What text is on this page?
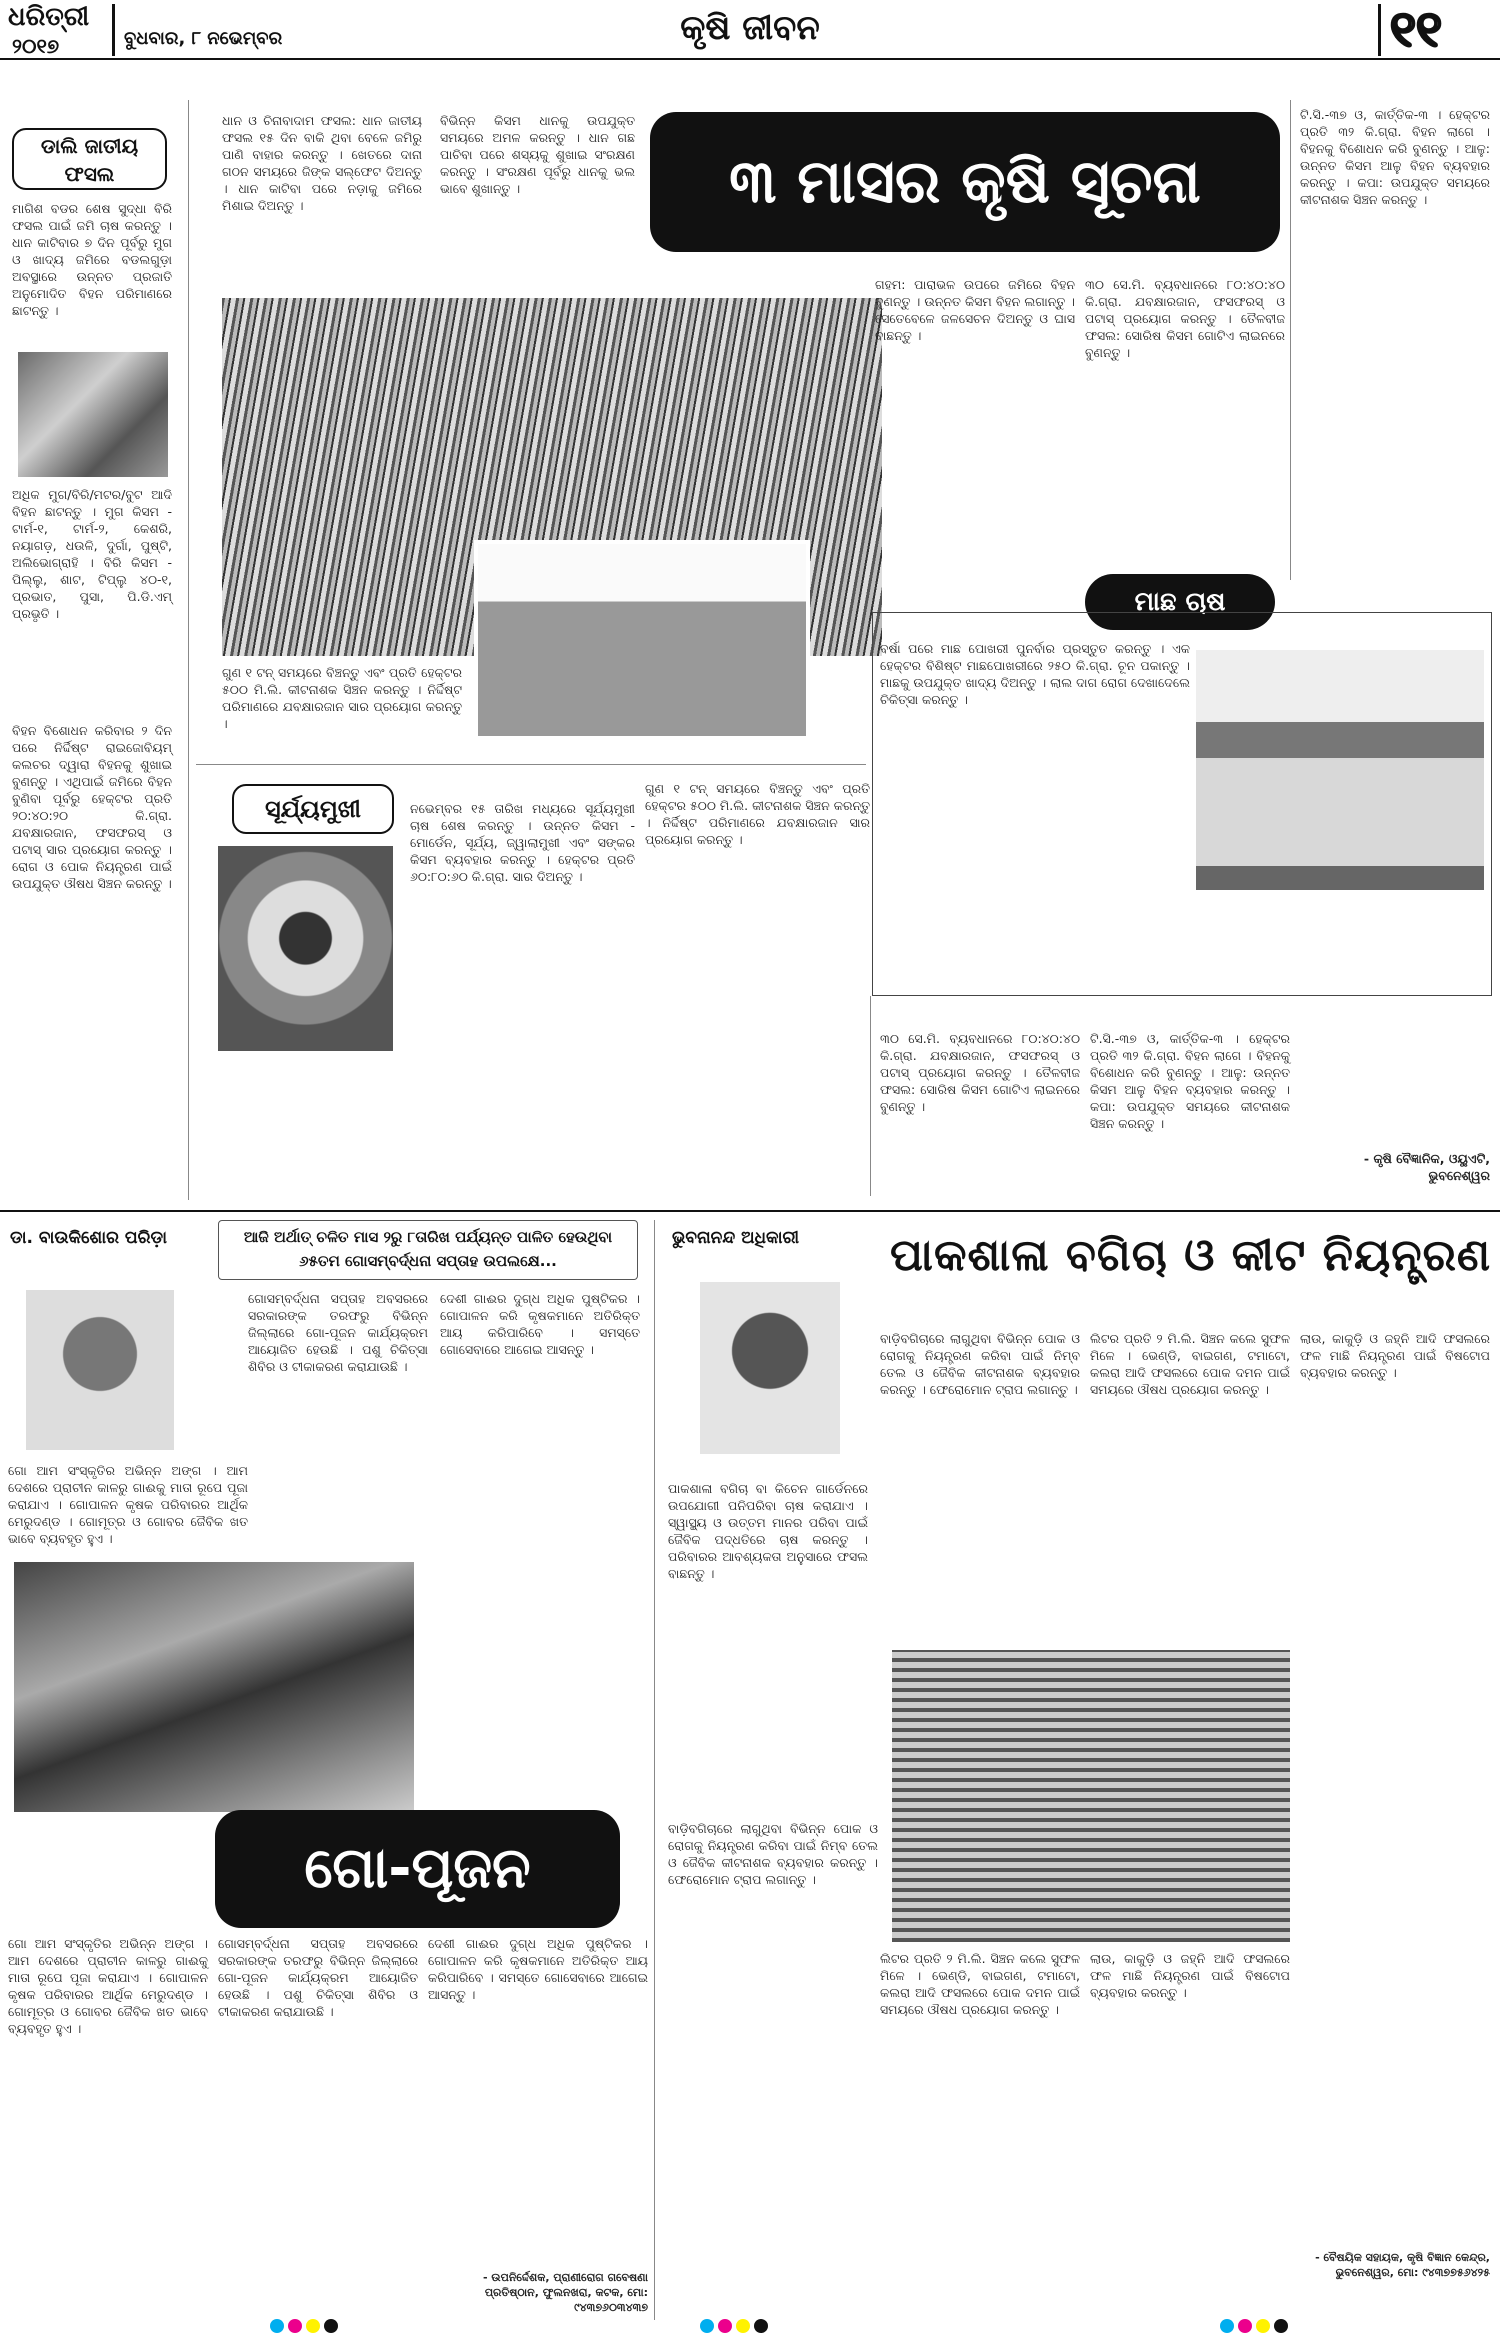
ଧରିତ୍ରୀ
୨୦୧୭	ବୁଧବାର, ୮ ନଭେମ୍ବର	କୃଷି ଜୀବନ	୧୧
ଡାଲି ଜାତୀୟ ଫସଲ
ମାଗିଶ ବଡର ଶେଷ ସୁଦ୍ଧା ବିରି ଫସଲ ପାଇଁ ଜମି ଚାଷ କରନ୍ତୁ । ଧାନ କାଟିବାର ୭ ଦିନ ପୂର୍ବରୁ ମୁଗ ଓ ଖାଦ୍ୟ ଜମିରେ ବଡଲଗୁଡ଼ା ଅବସ୍ଥାରେ ଉନ୍ନତ ପ୍ରଜାତି ଅନୁମୋଦିତ ବିହନ ପରିମାଣରେ ଛାଟନ୍ତୁ ।
ଅଧିକ ମୁଗ/ବିରି/ମଟର/ବୁଟ ଆଦି ବିହନ ଛାଟନ୍ତୁ । ମୁଗ କିସମ - ଟାର୍ମ-୧, ଟାର୍ମ-୨, କେଶରି, ନୟାଗଡ଼, ଧଉଳି, ଦୁର୍ଗା, ପୁଷ୍ଟି, ଅଲିଭୋଗ୍ରାହି । ବିରି କିସମ - ପିଲ୍ଲୁ, ଶାଟ, ଟିପ୍ଲୁ ୪୦-୧, ପ୍ରଭାତ, ପୁସା, ପି.ଡି.ଏମ୍ ପ୍ରଭୃତି ।
ବିହନ ବିଶୋଧନ କରିବାର ୨ ଦିନ ପରେ ନିର୍ଦ୍ଦିଷ୍ଟ ରାଇଜୋବିୟମ୍ କଲଚର ଦ୍ୱାରା ବିହନକୁ ଶୁଖାଇ ବୁଣନ୍ତୁ । ଏଥିପାଇଁ ଜମିରେ ବିହନ ବୁଣିବା ପୂର୍ବରୁ ହେକ୍ଟର ପ୍ରତି ୨୦:୪୦:୨୦ କି.ଗ୍ରା. ଯବକ୍ଷାରଜାନ, ଫସଫରସ୍ ଓ ପଟାସ୍ ସାର ପ୍ରୟୋଗ କରନ୍ତୁ । ରୋଗ ଓ ପୋକ ନିୟନ୍ତ୍ରଣ ପାଇଁ ଉପଯୁକ୍ତ ଔଷଧ ସିଞ୍ଚନ କରନ୍ତୁ ।
ଧାନ ଓ ଚିନାବାଦାମ ଫସଲ: ଧାନ ଜାତୀୟ ଫସଲ ୧୫ ଦିନ ବାକି ଥିବା ବେଳେ ଜମିରୁ ପାଣି ବାହାର କରନ୍ତୁ । ଖେତରେ ଦାନା ଗଠନ ସମୟରେ ଜିଙ୍କ ସଲ୍ଫେଟ ଦିଅନ୍ତୁ । ଧାନ କାଟିବା ପରେ ନଡ଼ାକୁ ଜମିରେ ମିଶାଇ ଦିଅନ୍ତୁ ।
ବିଭିନ୍ନ କିସମ ଧାନକୁ ଉପଯୁକ୍ତ ସମୟରେ ଅମଳ କରନ୍ତୁ । ଧାନ ଗଛ ପାଚିବା ପରେ ଶସ୍ୟକୁ ଶୁଖାଇ ସଂରକ୍ଷଣ କରନ୍ତୁ । ସଂରକ୍ଷଣ ପୂର୍ବରୁ ଧାନକୁ ଭଲ ଭାବେ ଶୁଖାନ୍ତୁ ।	୩ ମାସର କୃଷି ସୂଚନା
ଗୁଣ ୧ ଟନ୍ ସମୟରେ ବିଞ୍ଚନ୍ତୁ ଏବଂ ପ୍ରତି ହେକ୍ଟର ୫୦୦ ମି.ଲି. କୀଟନାଶକ ସିଞ୍ଚନ କରନ୍ତୁ । ନିର୍ଦ୍ଦିଷ୍ଟ ପରିମାଣରେ ଯବକ୍ଷାରଜାନ ସାର ପ୍ରୟୋଗ କରନ୍ତୁ ।
ଗହମ: ପାରାଭଳ ଉପରେ ଜମିରେ ବିହନ ବୁଣନ୍ତୁ । ଉନ୍ନତ କିସମ ବିହନ ଲଗାନ୍ତୁ । ସେତେବେଳେ ଜଳସେଚନ ଦିଅନ୍ତୁ ଓ ଘାସ ବାଛନ୍ତୁ ।
୩୦ ସେ.ମି. ବ୍ୟବଧାନରେ ୮୦:୪୦:୪୦ କି.ଗ୍ରା. ଯବକ୍ଷାରଜାନ, ଫସଫରସ୍ ଓ ପଟାସ୍ ପ୍ରୟୋଗ କରନ୍ତୁ । ତୈଳବୀଜ ଫସଲ: ସୋରିଷ କିସମ ଗୋଟିଏ ଲାଇନରେ ବୁଣନ୍ତୁ ।
ଟି.ସି.-୩୭ ଓ, କାର୍ତ୍ତିକ-୩ । ହେକ୍ଟର ପ୍ରତି ୩୨ କି.ଗ୍ରା. ବିହନ ଲାଗେ । ବିହନକୁ ବିଶୋଧନ କରି ବୁଣନ୍ତୁ । ଆଳୁ: ଉନ୍ନତ କିସମ ଆଳୁ ବିହନ ବ୍ୟବହାର କରନ୍ତୁ । କପା: ଉପଯୁକ୍ତ ସମୟରେ କୀଟନାଶକ ସିଞ୍ଚନ କରନ୍ତୁ ।
ମାଛ ଚାଷ
ବର୍ଷା ପରେ ମାଛ ପୋଖରୀ ପୁନର୍ବାର ପ୍ରସ୍ତୁତ କରନ୍ତୁ । ଏକ ହେକ୍ଟର ବିଶିଷ୍ଟ ମାଛପୋଖରୀରେ ୨୫୦ କି.ଗ୍ରା. ଚୂନ ପକାନ୍ତୁ । ମାଛକୁ ଉପଯୁକ୍ତ ଖାଦ୍ୟ ଦିଅନ୍ତୁ । ଲାଲ ଦାଗ ରୋଗ ଦେଖାଦେଲେ ଚିକିତ୍ସା କରନ୍ତୁ ।
ସୂର୍ଯ୍ୟମୁଖୀ	ନଭେମ୍ବର ୧୫ ତାରିଖ ମଧ୍ୟରେ ସୂର୍ଯ୍ୟମୁଖୀ ଚାଷ ଶେଷ କରନ୍ତୁ । ଉନ୍ନତ କିସମ - ମୋର୍ଡେନ, ସୂର୍ଯ୍ୟ, ଜ୍ୱାଲାମୁଖୀ ଏବଂ ସଙ୍କର କିସମ ବ୍ୟବହାର କରନ୍ତୁ । ହେକ୍ଟର ପ୍ରତି ୬୦:୮୦:୬୦ କି.ଗ୍ରା. ସାର ଦିଅନ୍ତୁ ।
ଗୁଣ ୧ ଟନ୍ ସମୟରେ ବିଞ୍ଚନ୍ତୁ ଏବଂ ପ୍ରତି ହେକ୍ଟର ୫୦୦ ମି.ଲି. କୀଟନାଶକ ସିଞ୍ଚନ କରନ୍ତୁ । ନିର୍ଦ୍ଦିଷ୍ଟ ପରିମାଣରେ ଯବକ୍ଷାରଜାନ ସାର ପ୍ରୟୋଗ କରନ୍ତୁ ।
୩୦ ସେ.ମି. ବ୍ୟବଧାନରେ ୮୦:୪୦:୪୦ କି.ଗ୍ରା. ଯବକ୍ଷାରଜାନ, ଫସଫରସ୍ ଓ ପଟାସ୍ ପ୍ରୟୋଗ କରନ୍ତୁ । ତୈଳବୀଜ ଫସଲ: ସୋରିଷ କିସମ ଗୋଟିଏ ଲାଇନରେ ବୁଣନ୍ତୁ ।
ଟି.ସି.-୩୭ ଓ, କାର୍ତ୍ତିକ-୩ । ହେକ୍ଟର ପ୍ରତି ୩୨ କି.ଗ୍ରା. ବିହନ ଲାଗେ । ବିହନକୁ ବିଶୋଧନ କରି ବୁଣନ୍ତୁ । ଆଳୁ: ଉନ୍ନତ କିସମ ଆଳୁ ବିହନ ବ୍ୟବହାର କରନ୍ତୁ । କପା: ଉପଯୁକ୍ତ ସମୟରେ କୀଟନାଶକ ସିଞ୍ଚନ କରନ୍ତୁ ।
- କୃଷି ବୈଜ୍ଞାନିକ, ଓୟୁଏଟି, ଭୁବନେଶ୍ୱର
ଡା. ବାଉକିଶୋର ପରିଡ଼ା	ଆଜି ଅର୍ଥାତ୍ ଚଳିତ ମାସ ୨ରୁ ୮ତାରିଖ ପର୍ଯ୍ୟନ୍ତ ପାଳିତ ହେଉଥିବା ୬୫ତମ ଗୋସମ୍ବର୍ଦ୍ଧନା ସପ୍ତାହ ଉପଲକ୍ଷେ...
ଗୋ ଆମ ସଂସ୍କୃତିର ଅଭିନ୍ନ ଅଙ୍ଗ । ଆମ ଦେଶରେ ପ୍ରାଚୀନ କାଳରୁ ଗାଈକୁ ମାତା ରୂପେ ପୂଜା କରାଯାଏ । ଗୋପାଳନ କୃଷକ ପରିବାରର ଆର୍ଥିକ ମେରୁଦଣ୍ଡ । ଗୋମୂତ୍ର ଓ ଗୋବର ଜୈବିକ ଖତ ଭାବେ ବ୍ୟବହୃତ ହୁଏ ।
ଗୋସମ୍ବର୍ଦ୍ଧନା ସପ୍ତାହ ଅବସରରେ ସରକାରଙ୍କ ତରଫରୁ ବିଭିନ୍ନ ଜିଲ୍ଲାରେ ଗୋ-ପୂଜନ କାର୍ଯ୍ୟକ୍ରମ ଆୟୋଜିତ ହେଉଛି । ପଶୁ ଚିକିତ୍ସା ଶିବିର ଓ ଟୀକାକରଣ କରାଯାଉଛି ।
ଦେଶୀ ଗାଈର ଦୁଗ୍ଧ ଅଧିକ ପୁଷ୍ଟିକର । ଗୋପାଳନ କରି କୃଷକମାନେ ଅତିରିକ୍ତ ଆୟ କରିପାରିବେ । ସମସ୍ତେ ଗୋସେବାରେ ଆଗେଇ ଆସନ୍ତୁ ।
ଗୋ-ପୂଜନ
ଗୋ ଆମ ସଂସ୍କୃତିର ଅଭିନ୍ନ ଅଙ୍ଗ । ଆମ ଦେଶରେ ପ୍ରାଚୀନ କାଳରୁ ଗାଈକୁ ମାତା ରୂପେ ପୂଜା କରାଯାଏ । ଗୋପାଳନ କୃଷକ ପରିବାରର ଆର୍ଥିକ ମେରୁଦଣ୍ଡ । ଗୋମୂତ୍ର ଓ ଗୋବର ଜୈବିକ ଖତ ଭାବେ ବ୍ୟବହୃତ ହୁଏ ।
ଗୋସମ୍ବର୍ଦ୍ଧନା ସପ୍ତାହ ଅବସରରେ ସରକାରଙ୍କ ତରଫରୁ ବିଭିନ୍ନ ଜିଲ୍ଲାରେ ଗୋ-ପୂଜନ କାର୍ଯ୍ୟକ୍ରମ ଆୟୋଜିତ ହେଉଛି । ପଶୁ ଚିକିତ୍ସା ଶିବିର ଓ ଟୀକାକରଣ କରାଯାଉଛି ।
ଦେଶୀ ଗାଈର ଦୁଗ୍ଧ ଅଧିକ ପୁଷ୍ଟିକର । ଗୋପାଳନ କରି କୃଷକମାନେ ଅତିରିକ୍ତ ଆୟ କରିପାରିବେ । ସମସ୍ତେ ଗୋସେବାରେ ଆଗେଇ ଆସନ୍ତୁ ।
- ଉପନିର୍ଦ୍ଦେଶକ, ପ୍ରାଣୀରୋଗ ଗବେଷଣା ପ୍ରତିଷ୍ଠାନ, ଫୁଲନଖରା, କଟକ, ମୋ: ୯୪୩୭୬୦୩୪୩୭
ଭୁବନାନନ୍ଦ ଅଧିକାରୀ	ପାକଶାଳା ବଗିଚା ଓ କୀଟ ନିୟନ୍ତ୍ରଣ
ପାକଶାଳା ବଗିଚା ବା କିଚେନ ଗାର୍ଡେନରେ ଉପଯୋଗୀ ପନିପରିବା ଚାଷ କରାଯାଏ । ସ୍ୱାସ୍ଥ୍ୟ ଓ ଉତ୍ତମ ମାନର ପରିବା ପାଇଁ ଜୈବିକ ପଦ୍ଧତିରେ ଚାଷ କରନ୍ତୁ । ପରିବାରର ଆବଶ୍ୟକତା ଅନୁସାରେ ଫସଲ ବାଛନ୍ତୁ ।
ବାଡ଼ିବଗିଚାରେ ଲାଗୁଥିବା ବିଭିନ୍ନ ପୋକ ଓ ରୋଗକୁ ନିୟନ୍ତ୍ରଣ କରିବା ପାଇଁ ନିମ୍ବ ତେଲ ଓ ଜୈବିକ କୀଟନାଶକ ବ୍ୟବହାର କରନ୍ତୁ । ଫେରୋମୋନ ଟ୍ରାପ ଲଗାନ୍ତୁ ।
ଲିଟର ପ୍ରତି ୨ ମି.ଲି. ସିଞ୍ଚନ କଲେ ସୁଫଳ ମିଳେ । ଭେଣ୍ଡି, ବାଇଗଣ, ଟମାଟୋ, କଲରା ଆଦି ଫସଲରେ ପୋକ ଦମନ ପାଇଁ ସମୟରେ ଔଷଧ ପ୍ରୟୋଗ କରନ୍ତୁ ।
ଲାଉ, କାକୁଡ଼ି ଓ ଜହ୍ନି ଆଦି ଫସଲରେ ଫଳ ମାଛି ନିୟନ୍ତ୍ରଣ ପାଇଁ ବିଷଟୋପ ବ୍ୟବହାର କରନ୍ତୁ ।
ବାଡ଼ିବଗିଚାରେ ଲାଗୁଥିବା ବିଭିନ୍ନ ପୋକ ଓ ରୋଗକୁ ନିୟନ୍ତ୍ରଣ କରିବା ପାଇଁ ନିମ୍ବ ତେଲ ଓ ଜୈବିକ କୀଟନାଶକ ବ୍ୟବହାର କରନ୍ତୁ । ଫେରୋମୋନ ଟ୍ରାପ ଲଗାନ୍ତୁ ।
ଲିଟର ପ୍ରତି ୨ ମି.ଲି. ସିଞ୍ଚନ କଲେ ସୁଫଳ ମିଳେ । ଭେଣ୍ଡି, ବାଇଗଣ, ଟମାଟୋ, କଲରା ଆଦି ଫସଲରେ ପୋକ ଦମନ ପାଇଁ ସମୟରେ ଔଷଧ ପ୍ରୟୋଗ କରନ୍ତୁ ।
ଲାଉ, କାକୁଡ଼ି ଓ ଜହ୍ନି ଆଦି ଫସଲରେ ଫଳ ମାଛି ନିୟନ୍ତ୍ରଣ ପାଇଁ ବିଷଟୋପ ବ୍ୟବହାର କରନ୍ତୁ ।
- ବୈଷୟିକ ସହାୟକ, କୃଷି ବିଜ୍ଞାନ କେନ୍ଦ୍ର, ଭୁବନେଶ୍ୱର, ମୋ: ୯୪୩୭୭୫୬୪୨୫
